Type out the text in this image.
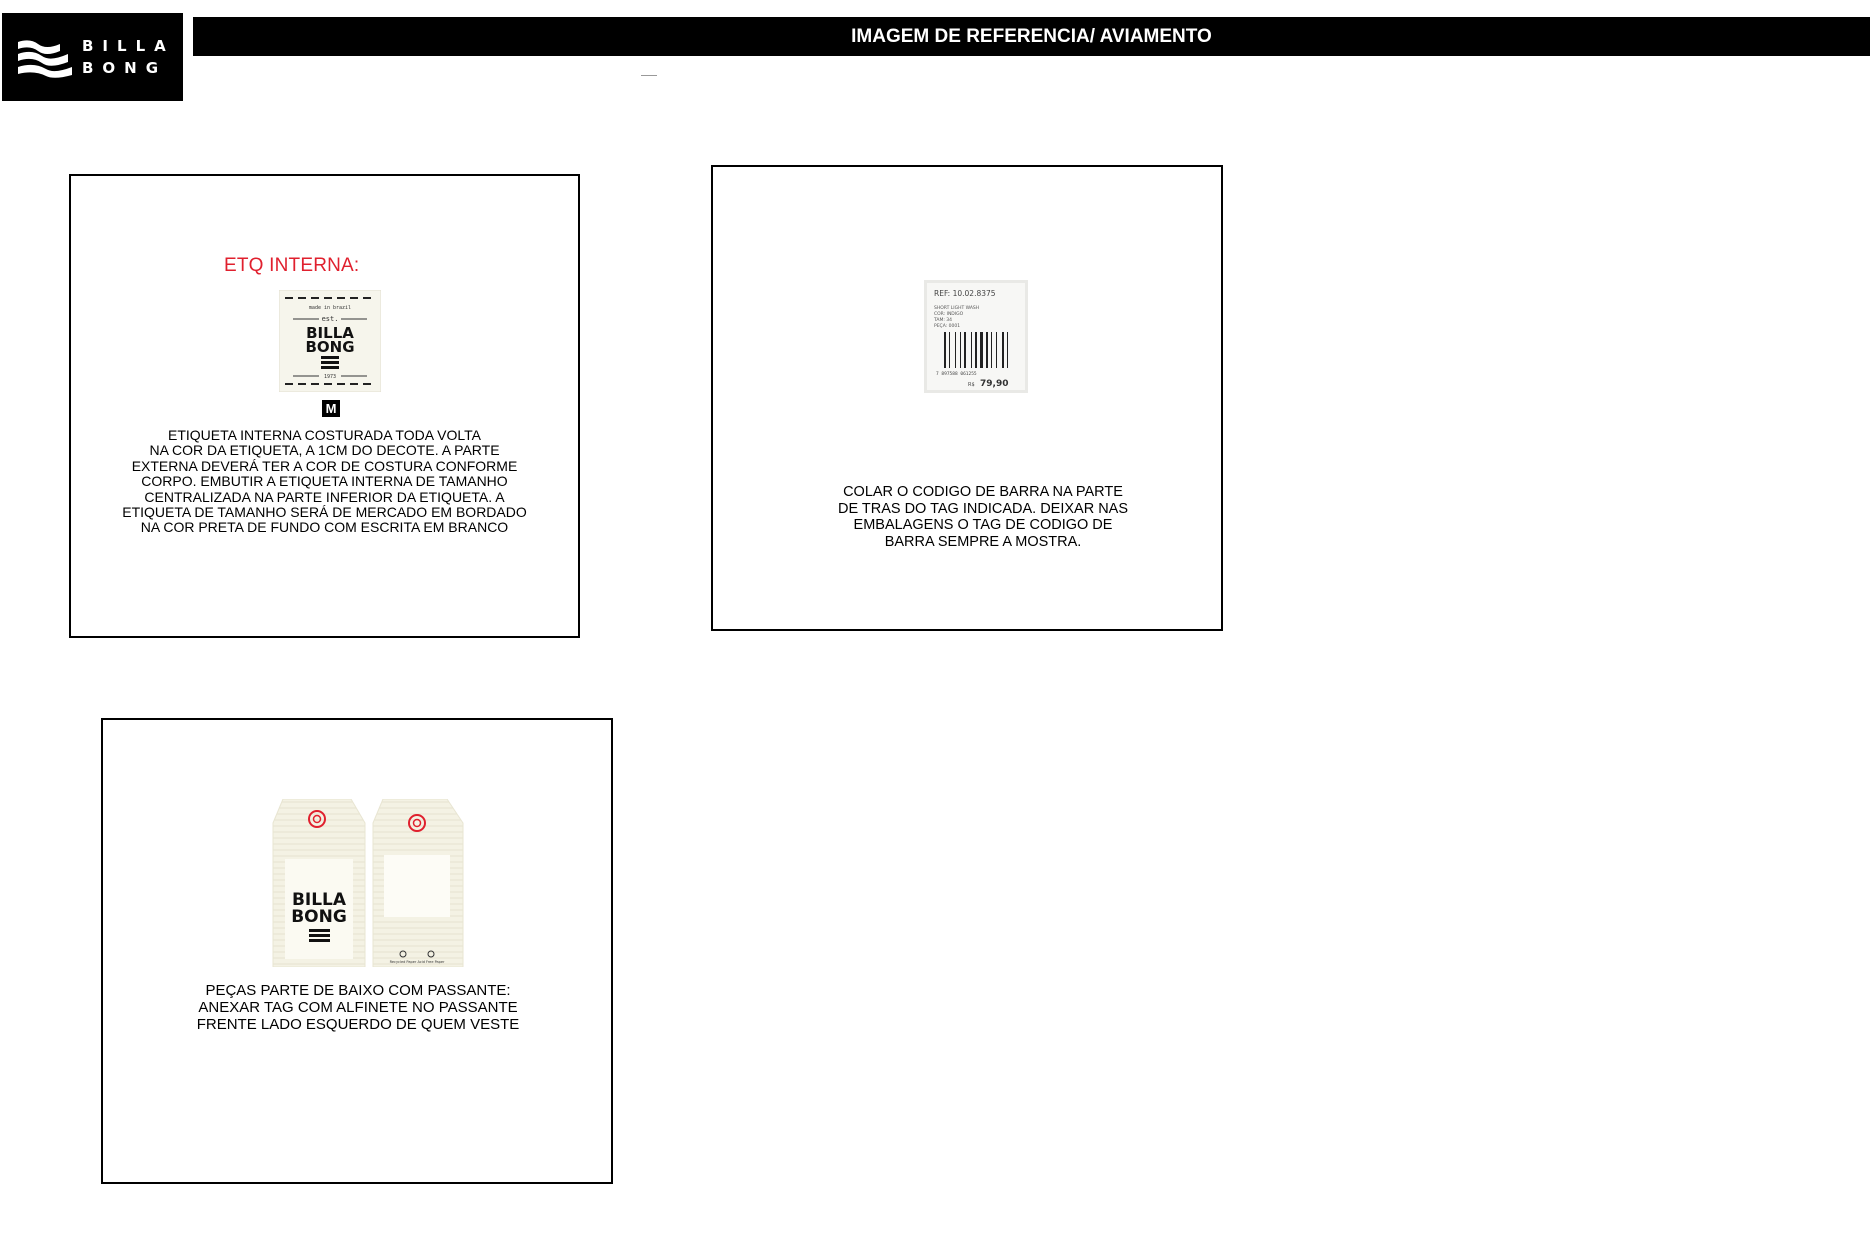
BILLA
BONG
IMAGEM DE REFERENCIA/ AVIAMENTO
ETQ INTERNA:
made in brazil
est.
BILLA
BONG
1973
M
ETIQUETA INTERNA COSTURADA TODA VOLTA
NA COR DA ETIQUETA, A 1CM DO DECOTE. A PARTE
EXTERNA DEVERÁ TER A COR DE COSTURA CONFORME
CORPO. EMBUTIR A ETIQUETA INTERNA DE TAMANHO
CENTRALIZADA NA PARTE INFERIOR DA ETIQUETA. A
ETIQUETA DE TAMANHO SERÁ DE MERCADO EM BORDADO
NA COR PRETA DE FUNDO COM ESCRITA EM BRANCO
REF: 10.02.8375
SHORT LIGHT WASH
COR: INDIGO
TAM: 34
PEÇA: 0001
7 897588 061255
R$ 79,90
COLAR O CODIGO DE BARRA NA PARTE
DE TRAS DO TAG INDICADA. DEIXAR NAS
EMBALAGENS O TAG DE CODIGO DE
BARRA SEMPRE A MOSTRA.
BILLA
BONG
Recycled Paper Acid Free Paper
PEÇAS PARTE DE BAIXO COM PASSANTE:
ANEXAR TAG COM ALFINETE NO PASSANTE
FRENTE LADO ESQUERDO DE QUEM VESTE
